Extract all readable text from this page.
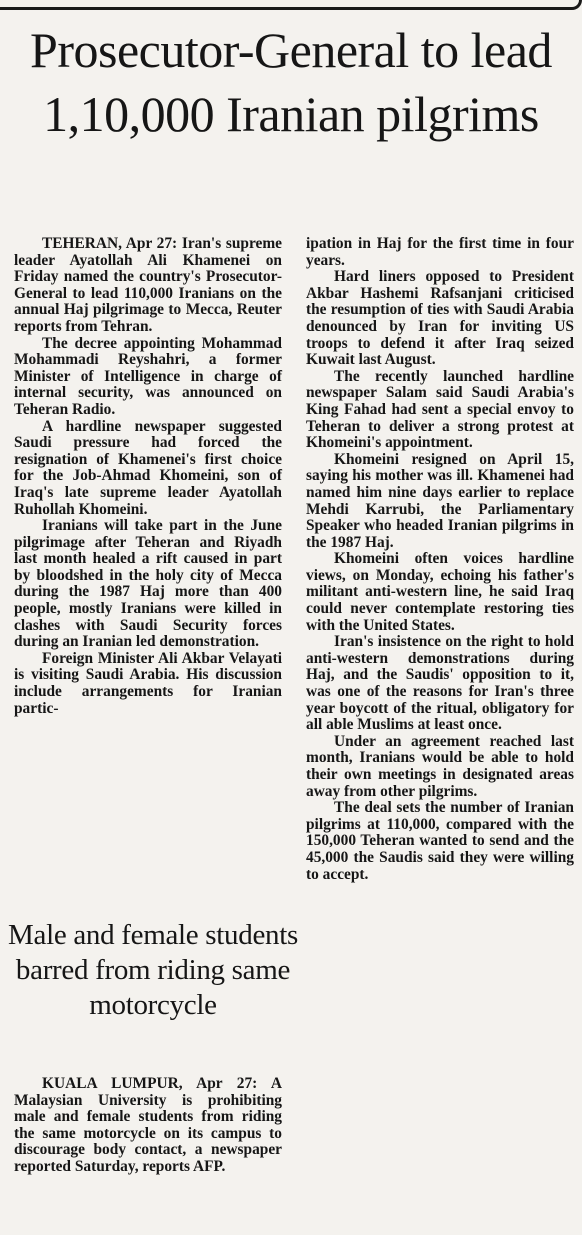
Prosecutor-General to lead 1,10,000 Iranian pilgrims

TEHERAN, Apr 27: Iran's supreme leader Ayatollah Ali Khamenei on Friday named the country's Prosecutor- General to lead 110,000 Iranians on the annual Haj pilgrimage to Mecca, Reuter reports from Tehran.

The decree appointing Mohammad Mohammadi Reyshahri, a former Minister of Intelligence in charge of internal security, was announced on Teheran Radio.

A hardline newspaper suggested Saudi pressure had forced the resignation of Khamenei's first choice for the Job-Ahmad Khomeini, son of Iraq's late supreme leader Ayatollah Ruhollah Khomeini.

Iranians will take part in the June pilgrimage after Teheran and Riyadh last month healed a rift caused in part by bloodshed in the holy city of Mecca during the 1987 Haj more than 400 people, mostly Iranians were killed in clashes with Saudi Security forces during an Iranian led demonstration.

Foreign Minister Ali Akbar Velayati is visiting Saudi Arabia. His discussion include arrangements for Iranian partic-

ipation in Haj for the first time in four years.

Hard liners opposed to President Akbar Hashemi Rafsanjani criticised the resumption of ties with Saudi Arabia denounced by Iran for inviting US troops to defend it after Iraq seized Kuwait last August.

The recently launched hardline newspaper Salam said Saudi Arabia's King Fahad had sent a special envoy to Teheran to deliver a strong protest at Khomeini's appointment.

Khomeini resigned on April 15, saying his mother was ill. Khamenei had named him nine days earlier to replace Mehdi Karrubi, the Parliamentary Speaker who headed Iranian pilgrims in the 1987 Haj.

Khomeini often voices hardline views, on Monday, echoing his father's militant anti-western line, he said Iraq could never contemplate restoring ties with the United States.

Iran's insistence on the right to hold anti-western demonstrations during Haj, and the Saudis' opposition to it, was one of the reasons for Iran's three year boycott of the ritual, obligatory for all able Muslims at least once.

Under an agreement reached last month, Iranians would be able to hold their own meetings in designated areas away from other pilgrims.

The deal sets the number of Iranian pilgrims at 110,000, compared with the 150,000 Teheran wanted to send and the 45,000 the Saudis said they were willing to accept.

Male and female students barred from riding same motorcycle

KUALA LUMPUR, Apr 27: A Malaysian University is prohibiting male and female students from riding the same motorcycle on its campus to discourage body contact, a newspaper reported Saturday, reports AFP.
